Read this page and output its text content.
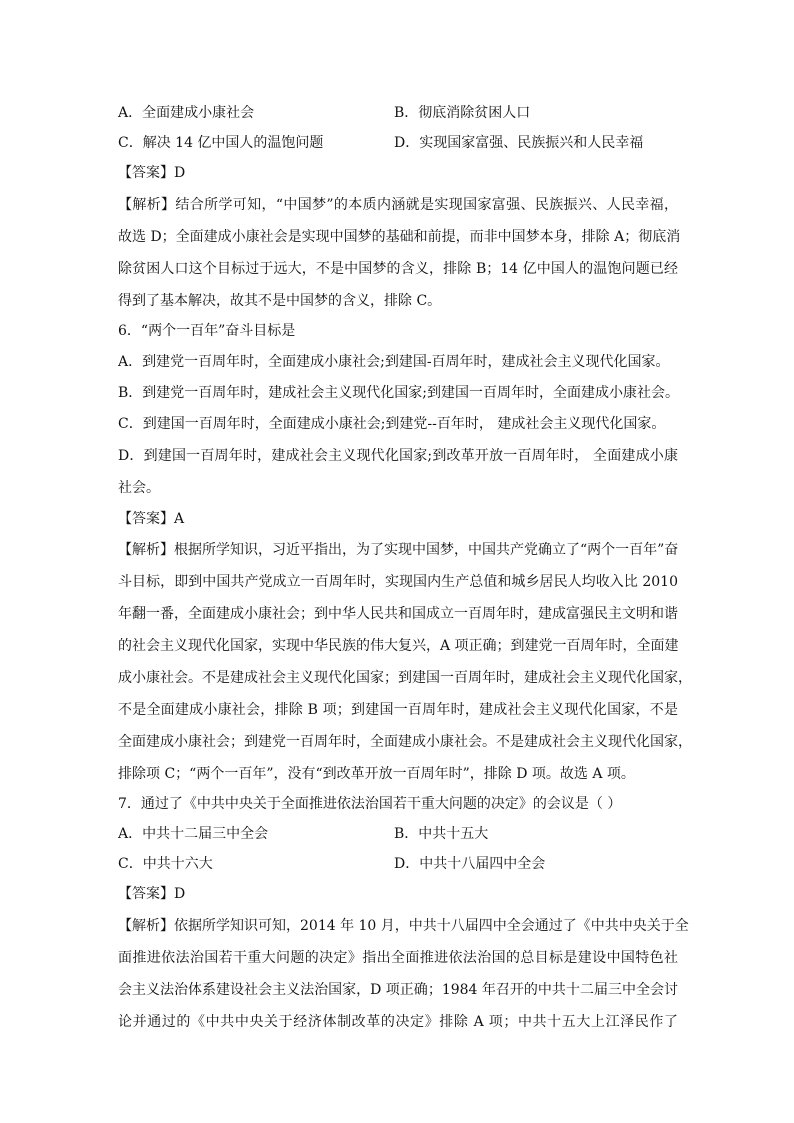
A．全面建成小康社会	B．彻底消除贫困人口
C．解决 14 亿中国人的温饱问题	D．实现国家富强、民族振兴和人民幸福
【答案】D
【解析】结合所学可知，“中国梦”的本质内涵就是实现国家富强、民族振兴、人民幸福，
故选 D；全面建成小康社会是实现中国梦的基础和前提，而非中国梦本身，排除 A；彻底消
除贫困人口这个目标过于远大，不是中国梦的含义，排除 B；14 亿中国人的温饱问题已经
得到了基本解决，故其不是中国梦的含义，排除 C。
6．“两个一百年”奋斗目标是
A．到建党一百周年时，全面建成小康社会;到建国-百周年时，建成社会主义现代化国家。
B．到建党一百周年时，建成社会主义现代化国家;到建国一百周年时，全面建成小康社会。
C．到建国一百周年时，全面建成小康社会;到建党--百年时， 建成社会主义现代化国家。
D．到建国一百周年时，建成社会主义现代化国家;到改革开放一百周年时， 全面建成小康
社会。
【答案】A
【解析】根据所学知识，习近平指出，为了实现中国梦，中国共产党确立了“两个一百年”奋
斗目标，即到中国共产党成立一百周年时，实现国内生产总值和城乡居民人均收入比 2010
年翻一番，全面建成小康社会；到中华人民共和国成立一百周年时，建成富强民主文明和谐
的社会主义现代化国家，实现中华民族的伟大复兴，A 项正确；到建党一百周年时，全面建
成小康社会。不是建成社会主义现代化国家；到建国一百周年时，建成社会主义现代化国家，
不是全面建成小康社会，排除 B 项；到建国一百周年时，建成社会主义现代化国家，不是
全面建成小康社会；到建党一百周年时，全面建成小康社会。不是建成社会主义现代化国家，
排除项 C；“两个一百年”，没有“到改革开放一百周年时”，排除 D 项。故选 A 项。
7．通过了《中共中央关于全面推进依法治国若干重大问题的决定》的会议是（ ）
A．中共十二届三中全会	B．中共十五大
C．中共十六大	D．中共十八届四中全会
【答案】D
【解析】依据所学知识可知，2014 年 10 月，中共十八届四中全会通过了《中共中央关于全
面推进依法治国若干重大问题的决定》指出全面推进依法治国的总目标是建设中国特色社
会主义法治体系建设社会主义法治国家，D 项正确；1984 年召开的中共十二届三中全会讨
论并通过的《中共中央关于经济体制改革的决定》排除 A 项；中共十五大上江泽民作了
